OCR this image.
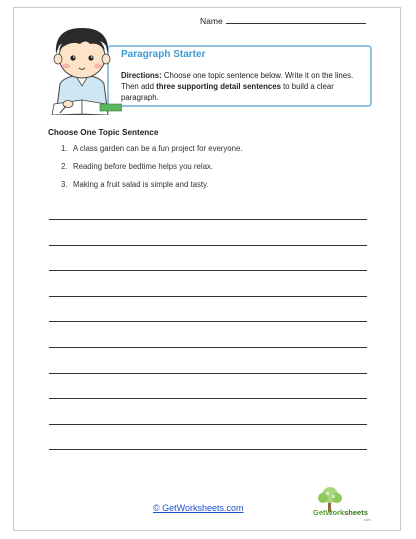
Name
Paragraph Starter
Directions: Choose one topic sentence below. Write it on the lines. Then add three supporting detail sentences to build a clear paragraph.
Choose One Topic Sentence
1. A class garden can be a fun project for everyone.
2. Reading before bedtime helps you relax.
3. Making a fruit salad is simple and tasty.
© GetWorksheets.com	GetWorksheets
.com
